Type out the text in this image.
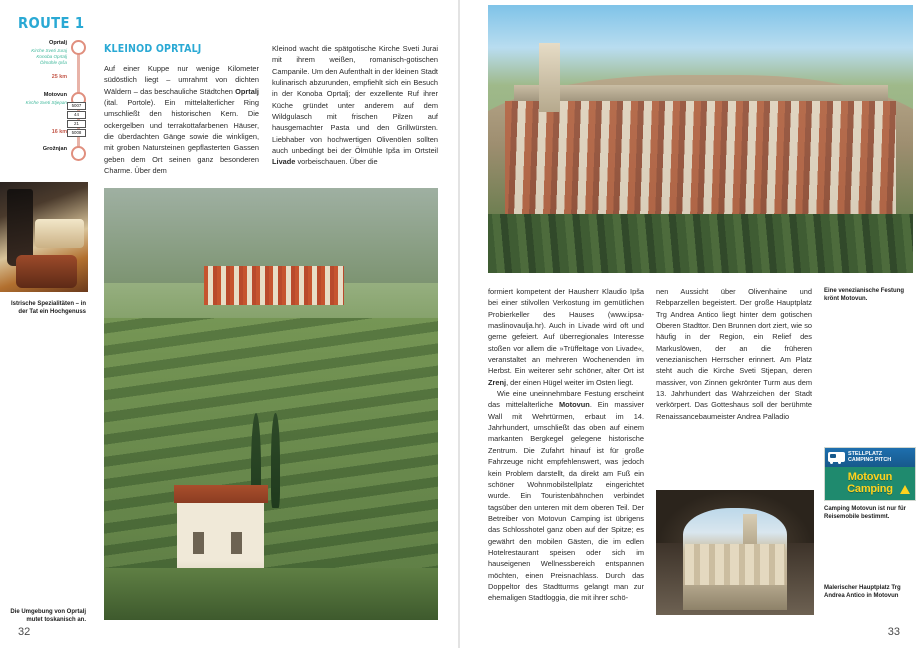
ROUTE 1
Oprtalj
Kirche Sveti Juraj
Konoba Oprtalj
Ölmühle Ipša
25 km
Motovun
Kirche Sveti Stjepan
5007
44
21
5008
16 km
Grožnjan
KLEINOD OPRTALJ

Auf einer Kuppe nur wenige Kilometer südöstlich liegt – umrahmt von dichten Wäldern – das beschauliche Städtchen Oprtalj (ital. Portole). Ein mittelalterlicher Ring umschließt den historischen Kern. Die ockergelben und terrakottafarbenen Häuser, die überdachten Gänge sowie die winkligen, mit groben Natursteinen gepflasterten Gassen geben dem Ort seinen ganz besonderen Charme. Über dem

Kleinod wacht die spätgotische Kirche Sveti Jurai mit ihrem weißen, romanisch-gotischen Campanile. Um den Aufenthalt in der kleinen Stadt kulinarisch abzurunden, empfiehlt sich ein Besuch in der Konoba Oprtalj; der exzellente Ruf ihrer Küche gründet unter anderem auf dem Wildgulasch mit frischen Pilzen auf hausgemachter Pasta und den Grillwürsten. Liebhaber von hochwertigen Olivenölen sollten auch unbedingt bei der Ölmühle Ipša im Ortsteil Livade vorbeischauen. Über die

Istrische Spezialitäten – in der Tat ein Hochgenuss
Die Umgebung von Oprtalj mutet toskanisch an.
32

formiert kompetent der Hausherr Klaudio Ipša bei einer stilvollen Verkostung im gemütlichen Probierkeller des Hauses (www.ipsa-maslinovaulja.hr). Auch in Livade wird oft und gerne gefeiert. Auf überregionales Interesse stoßen vor allem die »Trüffeltage von Livade«, veranstaltet an mehreren Wochenenden im Herbst. Ein weiterer sehr schöner, alter Ort ist Zrenj, der einen Hügel weiter im Osten liegt.

Wie eine uneinnehmbare Festung erscheint das mittelalterliche Motovun. Ein massiver Wall mit Wehrtürmen, erbaut im 14. Jahrhundert, umschließt das oben auf einem markanten Bergkegel gelegene historische Zentrum. Die Zufahrt hinauf ist für große Fahrzeuge nicht empfehlenswert, was jedoch kein Problem darstellt, da direkt am Fuß ein schöner Wohnmobilstellplatz eingerichtet wurde. Ein Touristenbähnchen verbindet tagsüber den unteren mit dem oberen Teil. Der Betreiber von Motovun Camping ist übrigens das Schlosshotel ganz oben auf der Spitze; es gewährt den mobilen Gästen, die im edlen Hotelrestaurant speisen oder sich im hauseigenen Wellnessbereich entspannen möchten, einen Preisnachlass. Durch das Doppeltor des Stadtturms gelangt man zur ehemaligen Stadtloggia, die mit ihrer schö-

nen Aussicht über Olivenhaine und Rebparzellen begeistert. Der große Hauptplatz Trg Andrea Antico liegt hinter dem gotischen Oberen Stadttor. Den Brunnen dort ziert, wie so häufig in der Region, ein Relief des Markuslöwen, der an die früheren venezianischen Herrscher erinnert. Am Platz steht auch die Kirche Sveti Stjepan, deren massiver, von Zinnen gekrönter Turm aus dem 13. Jahrhundert das Wahrzeichen der Stadt verkörpert. Das Gotteshaus soll der berühmte Renaissancebaumeister Andrea Palladio

Eine venezianische Festung krönt Motovun.
STELLPLATZ
CAMPING PITCH
Motovun
Camping
Camping Motovun ist nur für Reisemobile bestimmt.
Malerischer Hauptplatz Trg Andrea Antico in Motovun
33
